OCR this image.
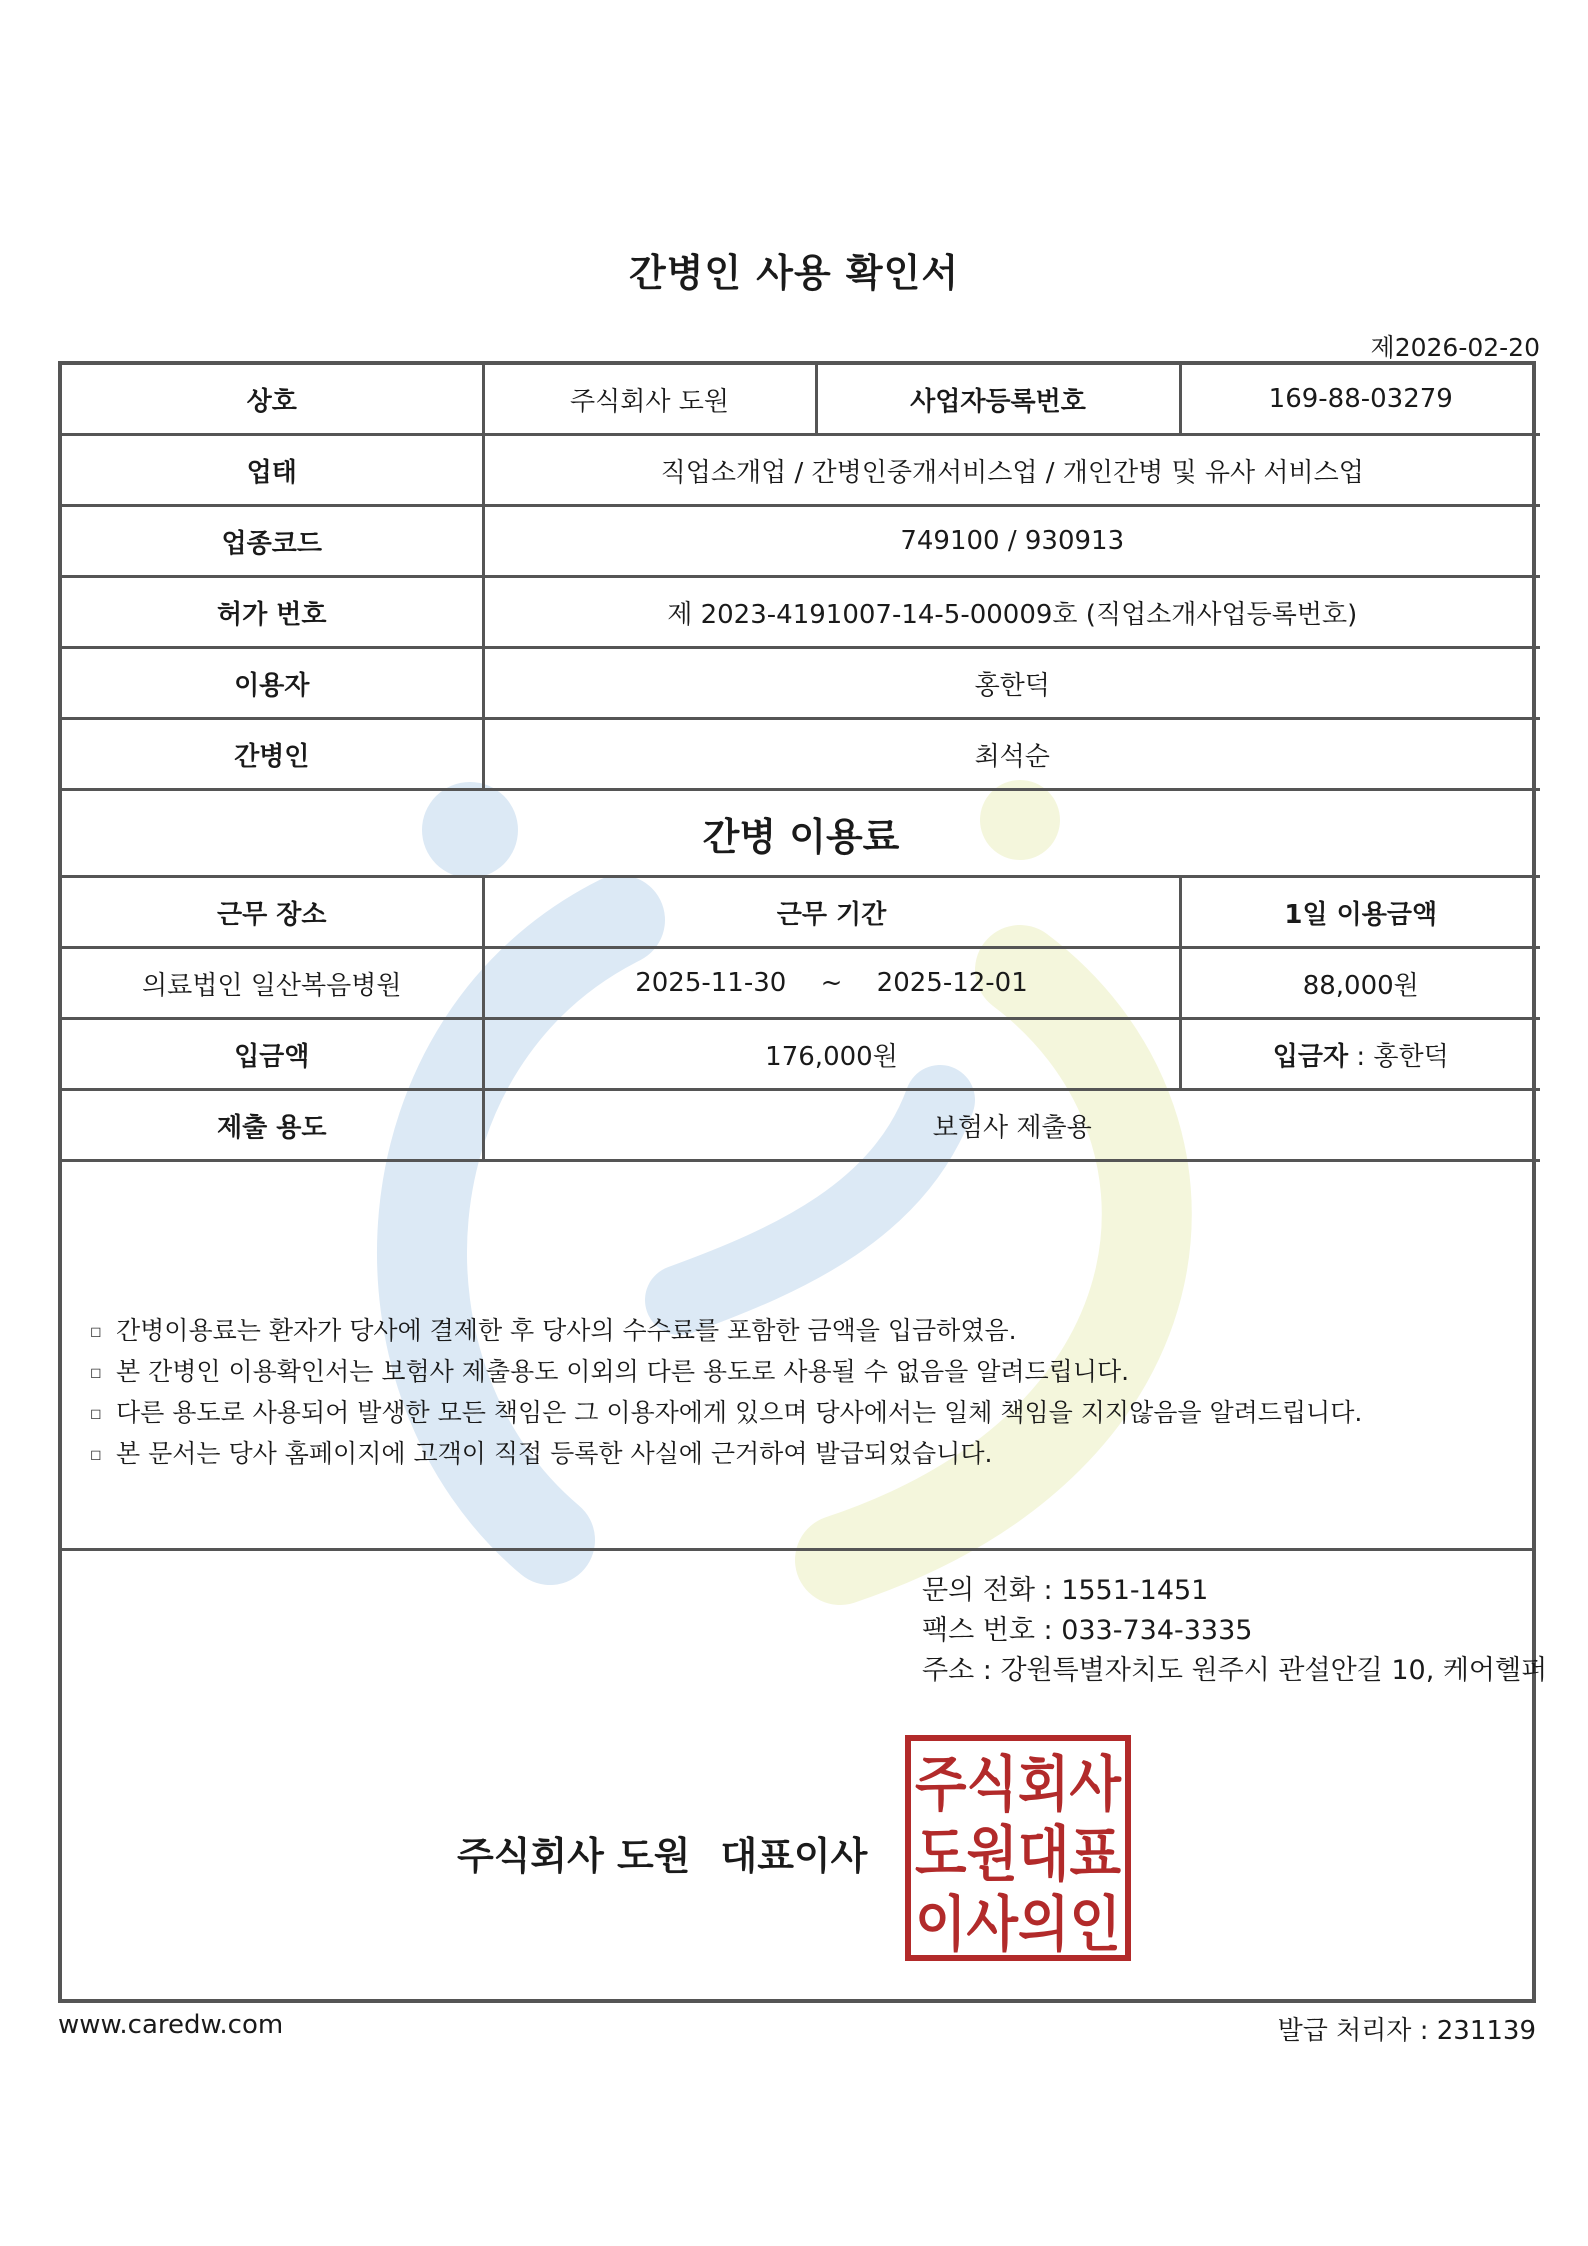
간병인 사용 확인서
제2026-02-20
상호	주식회사 도원	사업자등록번호	169-88-03279
업태	직업소개업 / 간병인중개서비스업 / 개인간병 및 유사 서비스업		
업종코드	749100 / 930913		
허가 번호	제 2023-4191007-14-5-00009호 (직업소개사업등록번호)		
이용자	홍한덕		
간병인	최석순		
간병 이용료			
근무 장소	근무 기간		1일 이용금액
의료법인 일산복음병원	2025-11-30 ~ 2025-12-01		88,000원
입금액	176,000원		입금자 : 홍한덕
제출 용도	보험사 제출용		
◻ 간병이용료는 환자가 당사에 결제한 후 당사의 수수료를 포함한 금액을 입금하였음.
◻ 본 간병인 이용확인서는 보험사 제출용도 이외의 다른 용도로 사용될 수 없음을 알려드립니다.
◻ 다른 용도로 사용되어 발생한 모든 책임은 그 이용자에게 있으며 당사에서는 일체 책임을 지지않음을 알려드립니다.
◻ 본 문서는 당사 홈페이지에 고객이 직접 등록한 사실에 근거하여 발급되었습니다.
문의 전화 : 1551-1451
팩스 번호 : 033-734-3335
주소 : 강원특별자치도 원주시 관설안길 10, 케어헬퍼
주식회사 도원 대표이사
주식회사
도원대표
이사의인
www.caredw.com	발급 처리자 : 231139
